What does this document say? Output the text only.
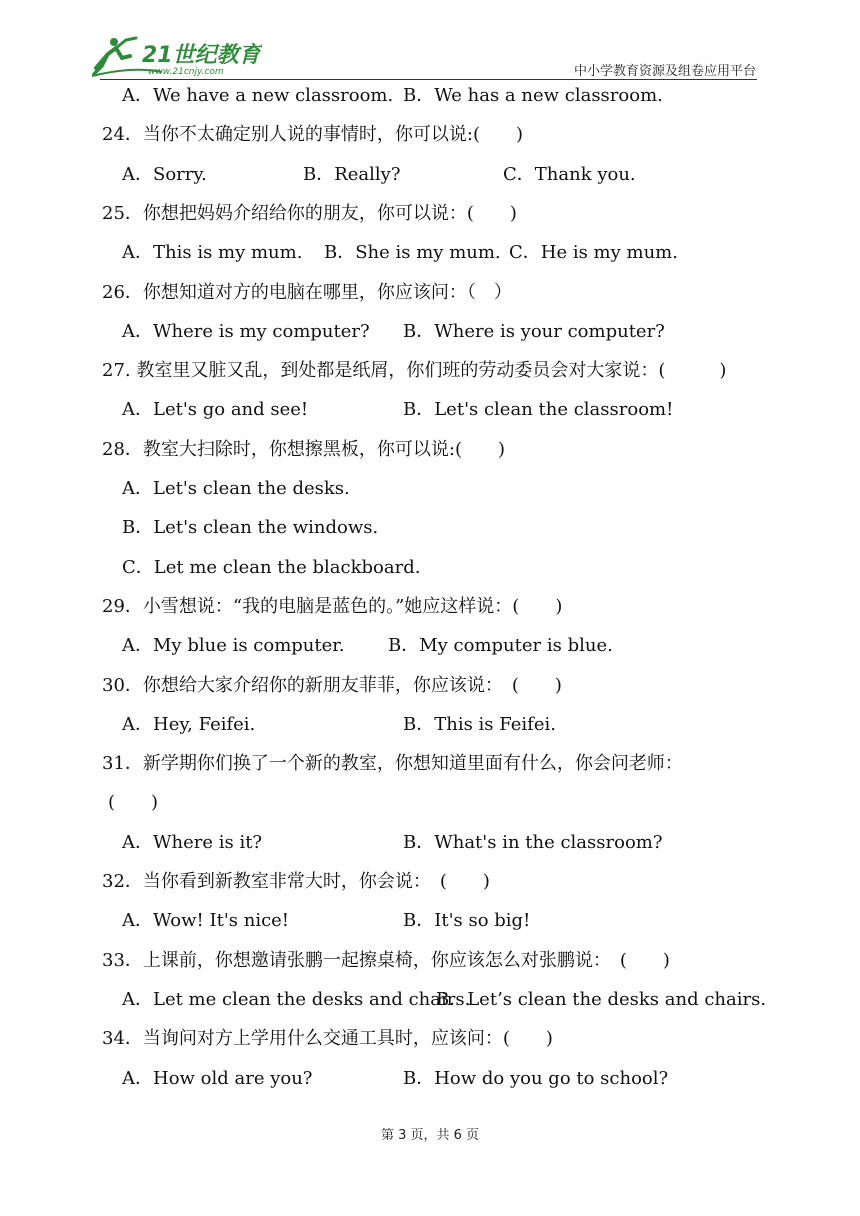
21世纪教育
www.21cnjy.com	中小学教育资源及组卷应用平台
A．We have a new classroom. B．We has a new classroom.
24．当你不太确定别人说的事情时，你可以说:(　　)
A．Sorry.	B．Really?	C．Thank you.
25．你想把妈妈介绍给你的朋友，你可以说：(　　)
A．This is my mum. B．She is my mum. C．He is my mum.
26．你想知道对方的电脑在哪里，你应该问：（　）
A．Where is my computer? B．Where is your computer?
27. 教室里又脏又乱，到处都是纸屑，你们班的劳动委员会对大家说：(　　　)
A．Let's go and see!	B．Let's clean the classroom!
28．教室大扫除时，你想擦黑板，你可以说:(　　)
A．Let's clean the desks.
B．Let's clean the windows.
C．Let me clean the blackboard.
29．小雪想说：“我的电脑是蓝色的。”她应这样说：(　　)
A．My blue is computer. B．My computer is blue.
30．你想给大家介绍你的新朋友菲菲，你应该说：　(　　)
A．Hey, Feifei.	B．This is Feifei.
31．新学期你们换了一个新的教室，你想知道里面有什么，你会问老师：
(　　)
A．Where is it?	B．What's in the classroom?
32．当你看到新教室非常大时，你会说：　(　　)
A．Wow! It's nice!	B．It's so big!
33．上课前，你想邀请张鹏一起擦桌椅，你应该怎么对张鹏说：　(　　)
A．Let me clean the desks and chairs.
B．Let’s clean the desks and chairs.
34．当询问对方上学用什么交通工具时，应该问：(　　)
A．How old are you?	B．How do you go to school?
第 3 页，共 6 页
